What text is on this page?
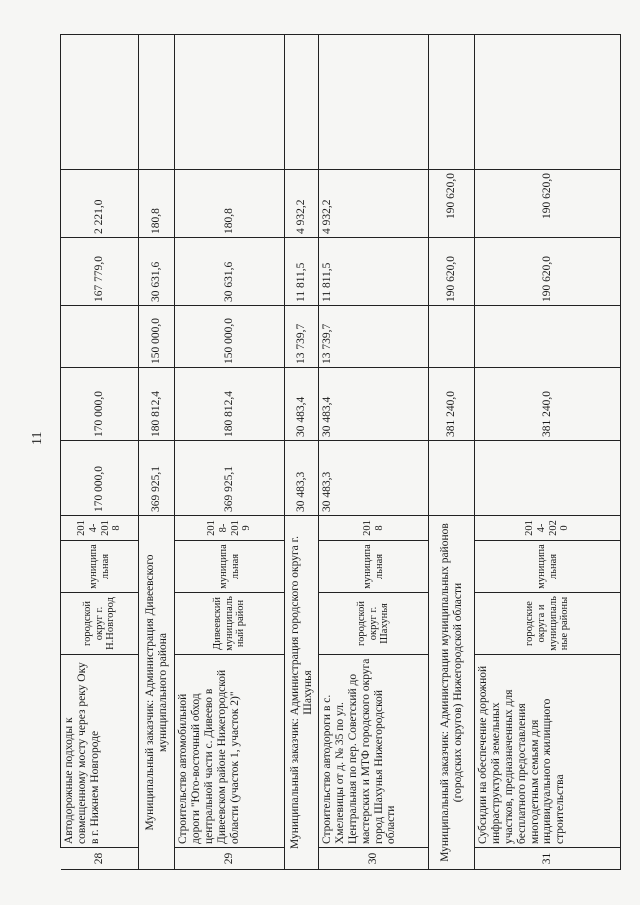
11
28	Автодорожные подходы к совмещенному мосту через реку Оку в г. Нижнем Новгороде	городской округ г. Н.Новгород	муниципальная	2014-2018	170 000,0	170 000,0		167 779,0	2 221,0	
Муниципальный заказчик: Администрация Дивеевского муниципального района					369 925,1	180 812,4	150 000,0	30 631,6	180,8	
29	Строительство автомобильной дороги "Юго-восточный обход центральной части с. Дивеево в Дивеевском районе Нижегородской области (участок 1, участок 2)"	Дивеевский муниципальный район	муниципальная	2018-2019	369 925,1	180 812,4	150 000,0	30 631,6	180,8	
Муниципальный заказчик: Администрация городского округа г. Шахунья					30 483,3	30 483,4	13 739,7	11 811,5	4 932,2	
30	Строительство автодороги в с. Хмелевицы от д. № 35 по ул. Центральная по пер. Советский до мастерских и МТФ городского округа город Шахунья Нижегородской области	городской округ г. Шахунья	муниципальная	2018	30 483,3	30 483,4	13 739,7	11 811,5	4 932,2	
Муниципальный заказчик: Администрации муниципальных районов (городских округов) Нижегородской области						381 240,0		190 620,0	190 620,0	
31	Субсидии на обеспечение дорожной инфраструктурой земельных участков, предназначенных для бесплатного предоставления многодетным семьям для индивидуального жилищного строительства	городские округа и муниципальные районы	муниципальная	2014-2020		381 240,0		190 620,0	190 620,0	
